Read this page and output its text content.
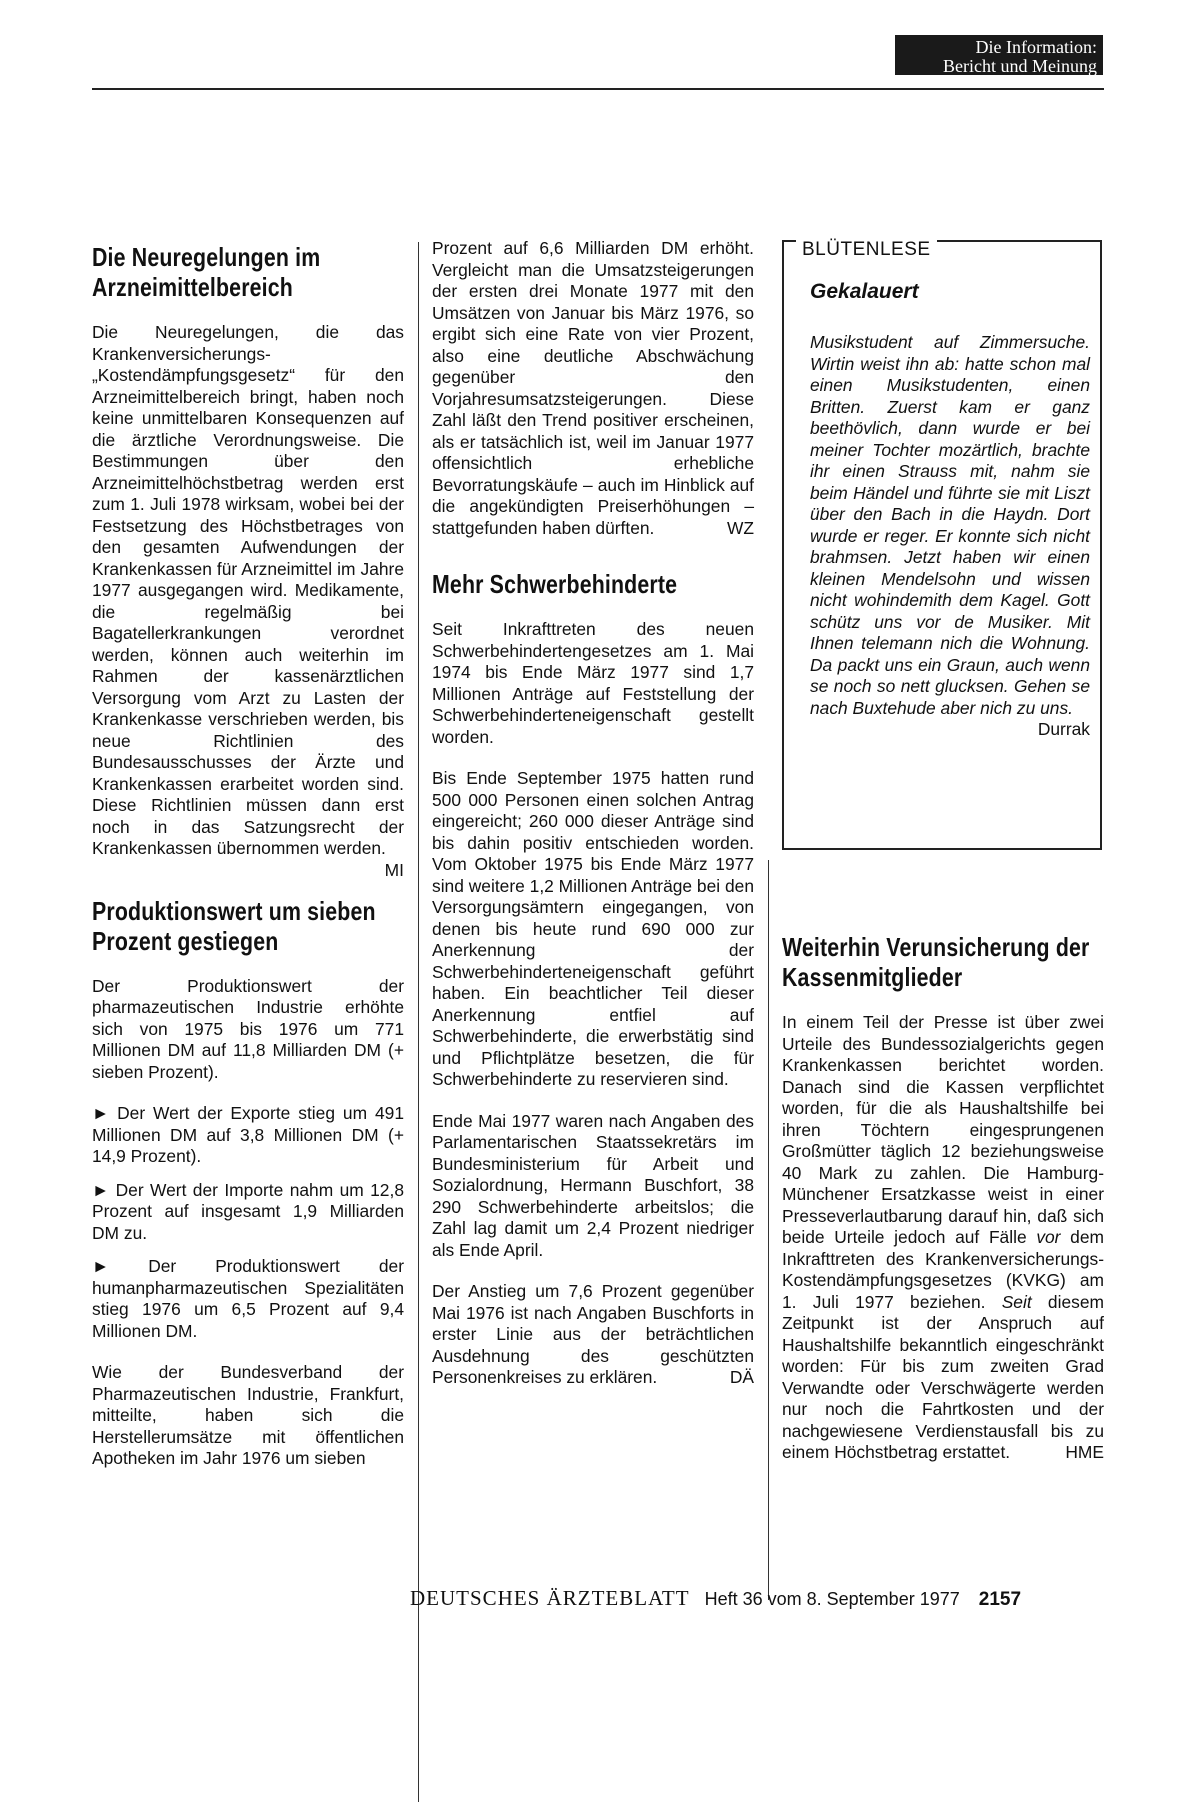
Die Information:
Bericht und Meinung
Die Neuregelungen im Arzneimittelbereich

Die Neuregelungen, die das Krankenversicherungs-„Kostendämpfungsgesetz“ für den Arzneimittelbereich bringt, haben noch keine unmittelbaren Konsequenzen auf die ärztliche Verordnungsweise. Die Bestimmungen über den Arzneimittelhöchstbetrag werden erst zum 1. Juli 1978 wirksam, wobei bei der Festsetzung des Höchstbetrages von den gesamten Aufwendungen der Krankenkassen für Arzneimittel im Jahre 1977 ausgegangen wird. Medikamente, die regelmäßig bei Bagatellerkrankungen verordnet werden, können auch weiterhin im Rahmen der kassenärztlichen Versorgung vom Arzt zu Lasten der Krankenkasse verschrieben werden, bis neue Richtlinien des Bundesausschusses der Ärzte und Krankenkassen erarbeitet worden sind. Diese Richtlinien müssen dann erst noch in das Satzungsrecht der Krankenkassen übernommen werden.
MI

Produktionswert um sieben Prozent gestiegen

Der Produktionswert der pharmazeutischen Industrie erhöhte sich von 1975 bis 1976 um 771 Millionen DM auf 11,8 Milliarden DM (+ sieben Prozent).

► Der Wert der Exporte stieg um 491 Millionen DM auf 3,8 Millionen DM (+ 14,9 Prozent).

► Der Wert der Importe nahm um 12,8 Prozent auf insgesamt 1,9 Milliarden DM zu.

► Der Produktionswert der humanpharmazeutischen Spezialitäten stieg 1976 um 6,5 Prozent auf 9,4 Millionen DM.

Wie der Bundesverband der Pharmazeutischen Industrie, Frankfurt, mitteilte, haben sich die Herstellerumsätze mit öffentlichen Apotheken im Jahr 1976 um sieben

Prozent auf 6,6 Milliarden DM erhöht. Vergleicht man die Umsatzsteigerungen der ersten drei Monate 1977 mit den Umsätzen von Januar bis März 1976, so ergibt sich eine Rate von vier Prozent, also eine deutliche Abschwächung gegenüber den Vorjahresumsatzsteigerungen. Diese Zahl läßt den Trend positiver erscheinen, als er tatsächlich ist, weil im Januar 1977 offensichtlich erhebliche Bevorratungskäufe – auch im Hinblick auf die angekündigten Preiserhöhungen – stattgefunden haben dürften.	WZ

Mehr Schwerbehinderte

Seit Inkrafttreten des neuen Schwerbehindertengesetzes am 1. Mai 1974 bis Ende März 1977 sind 1,7 Millionen Anträge auf Feststellung der Schwerbehinderteneigenschaft gestellt worden.

Bis Ende September 1975 hatten rund 500 000 Personen einen solchen Antrag eingereicht; 260 000 dieser Anträge sind bis dahin positiv entschieden worden. Vom Oktober 1975 bis Ende März 1977 sind weitere 1,2 Millionen Anträge bei den Versorgungsämtern eingegangen, von denen bis heute rund 690 000 zur Anerkennung der Schwerbehinderteneigenschaft geführt haben. Ein beachtlicher Teil dieser Anerkennung entfiel auf Schwerbehinderte, die erwerbstätig sind und Pflichtplätze besetzen, die für Schwerbehinderte zu reservieren sind.

Ende Mai 1977 waren nach Angaben des Parlamentarischen Staatssekretärs im Bundesministerium für Arbeit und Sozialordnung, Hermann Buschfort, 38 290 Schwerbehinderte arbeitslos; die Zahl lag damit um 2,4 Prozent niedriger als Ende April.

Der Anstieg um 7,6 Prozent gegenüber Mai 1976 ist nach Angaben Buschforts in erster Linie aus der beträchtlichen Ausdehnung des geschützten Personenkreises zu erklären.	DÄ

BLÜTENLESE
Gekalauert
Musikstudent auf Zimmersuche. Wirtin weist ihn ab: hatte schon mal einen Musikstudenten, einen Britten. Zuerst kam er ganz beethövlich, dann wurde er bei meiner Tochter mozärtlich, brachte ihr einen Strauss mit, nahm sie beim Händel und führte sie mit Liszt über den Bach in die Haydn. Dort wurde er reger. Er konnte sich nicht brahmsen. Jetzt haben wir einen kleinen Mendelsohn und wissen nicht wohindemith dem Kagel. Gott schütz uns vor de Musiker. Mit Ihnen telemann nich die Wohnung. Da packt uns ein Graun, auch wenn se noch so nett glucksen. Gehen se nach Buxtehude aber nich zu uns.
Durrak
Weiterhin Verunsicherung der Kassenmitglieder

In einem Teil der Presse ist über zwei Urteile des Bundessozialgerichts gegen Krankenkassen berichtet worden. Danach sind die Kassen verpflichtet worden, für die als Haushaltshilfe bei ihren Töchtern eingesprungenen Großmütter täglich 12 beziehungsweise 40 Mark zu zahlen. Die Hamburg-Münchener Ersatzkasse weist in einer Presseverlautbarung darauf hin, daß sich beide Urteile jedoch auf Fälle vor dem Inkrafttreten des Krankenversicherungs-Kostendämpfungsgesetzes (KVKG) am 1. Juli 1977 beziehen. Seit diesem Zeitpunkt ist der Anspruch auf Haushaltshilfe bekanntlich eingeschränkt worden: Für bis zum zweiten Grad Verwandte oder Verschwägerte werden nur noch die Fahrtkosten und der nachgewiesene Verdienstausfall bis zu einem Höchstbetrag erstattet.	HME

DEUTSCHES ÄRZTEBLATT Heft 36 vom 8. September 1977 2157
